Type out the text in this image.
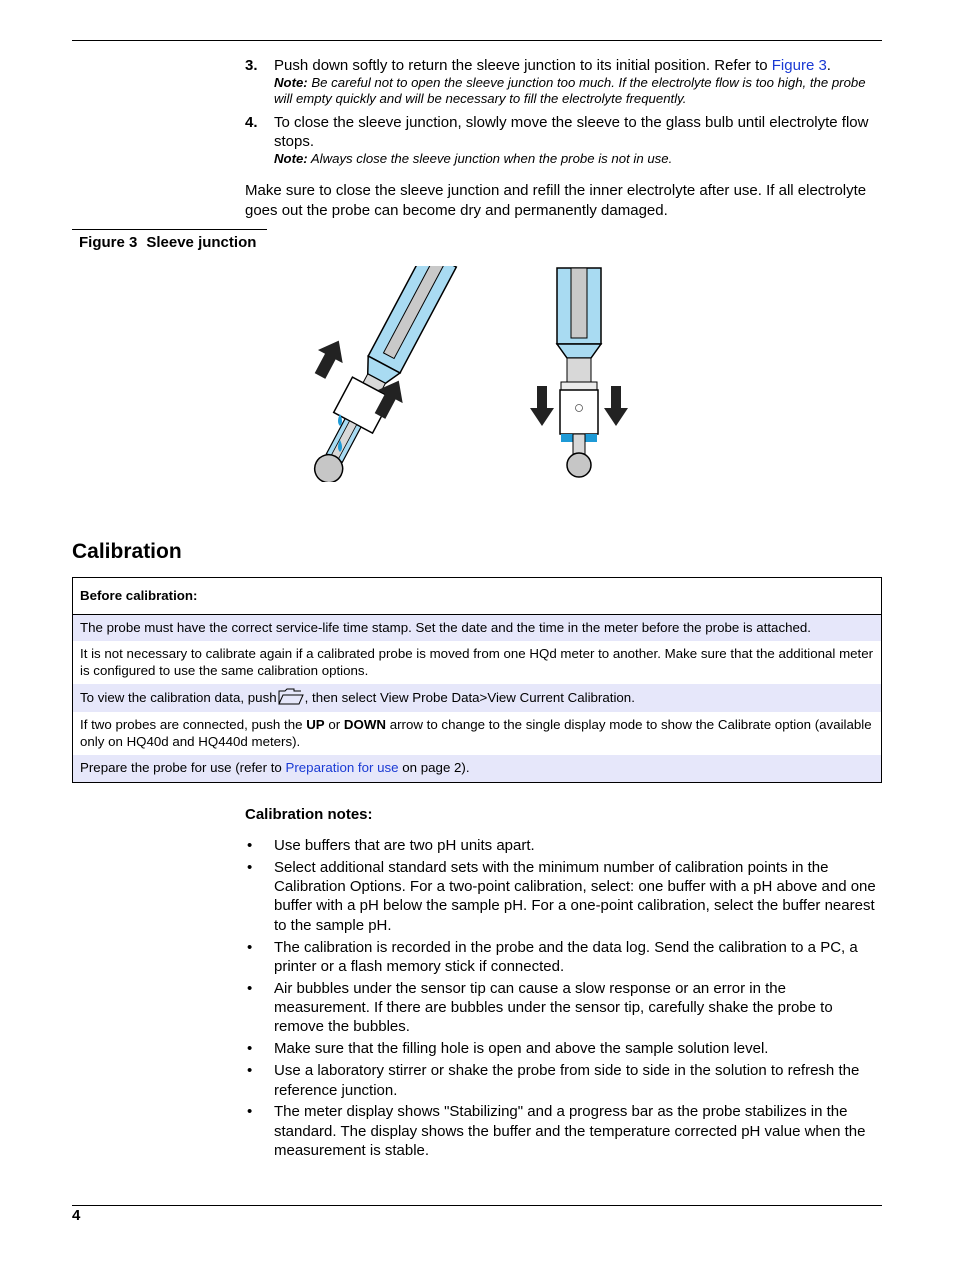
3. Push down softly to return the sleeve junction to its initial position. Refer to Figure 3.
Note: Be careful not to open the sleeve junction too much. If the electrolyte flow is too high, the probe will empty quickly and will be necessary to fill the electrolyte frequently.
4. To close the sleeve junction, slowly move the sleeve to the glass bulb until electrolyte flow stops.
Note: Always close the sleeve junction when the probe is not in use.
Make sure to close the sleeve junction and refill the inner electrolyte after use. If all electrolyte goes out the probe can become dry and permanently damaged.
Figure 3 Sleeve junction
Calibration
Before calibration:
The probe must have the correct service-life time stamp. Set the date and the time in the meter before the probe is attached.
It is not necessary to calibrate again if a calibrated probe is moved from one HQd meter to another. Make sure that the additional meter is configured to use the same calibration options.
To view the calibration data, push , then select View Probe Data>View Current Calibration.
If two probes are connected, push the UP or DOWN arrow to change to the single display mode to show the Calibrate option (available only on HQ40d and HQ440d meters).
Prepare the probe for use (refer to Preparation for use on page 2).
Calibration notes:
• Use buffers that are two pH units apart.
• Select additional standard sets with the minimum number of calibration points in the Calibration Options. For a two-point calibration, select: one buffer with a pH above and one buffer with a pH below the sample pH. For a one-point calibration, select the buffer nearest to the sample pH.
• The calibration is recorded in the probe and the data log. Send the calibration to a PC, a printer or a flash memory stick if connected.
• Air bubbles under the sensor tip can cause a slow response or an error in the measurement. If there are bubbles under the sensor tip, carefully shake the probe to remove the bubbles.
• Make sure that the filling hole is open and above the sample solution level.
• Use a laboratory stirrer or shake the probe from side to side in the solution to refresh the reference junction.
• The meter display shows "Stabilizing" and a progress bar as the probe stabilizes in the standard. The display shows the buffer and the temperature corrected pH value when the measurement is stable.
4
